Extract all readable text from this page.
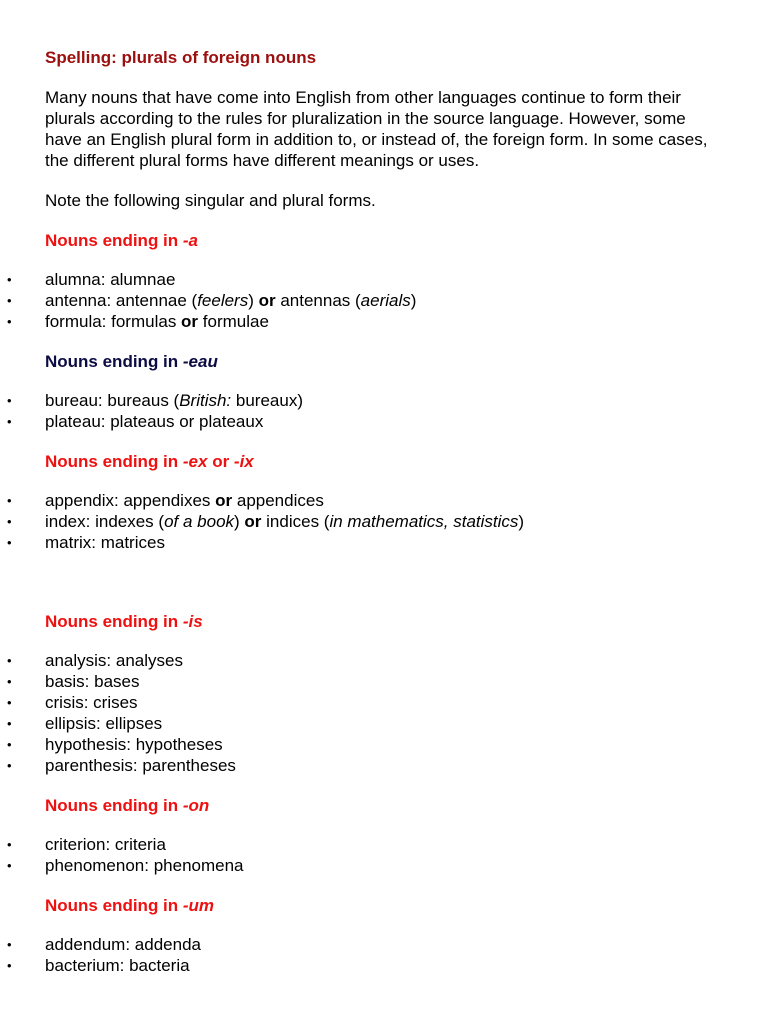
Spelling: plurals of foreign nouns

Many nouns that have come into English from other languages continue to form their plurals according to the rules for pluralization in the source language. However, some have an English plural form in addition to, or instead of, the foreign form. In some cases, the different plural forms have different meanings or uses.

Note the following singular and plural forms.

Nouns ending in -a
• alumna: alumnae
• antenna: antennae (feelers) or antennas (aerials)
• formula: formulas or formulae
Nouns ending in -eau
• bureau: bureaus (British: bureaux)
• plateau: plateaus or plateaux
Nouns ending in -ex or -ix
• appendix: appendixes or appendices
• index: indexes (of a book) or indices (in mathematics, statistics)
• matrix: matrices
Nouns ending in -is
• analysis: analyses
• basis: bases
• crisis: crises
• ellipsis: ellipses
• hypothesis: hypotheses
• parenthesis: parentheses
Nouns ending in -on
• criterion: criteria
• phenomenon: phenomena
Nouns ending in -um
• addendum: addenda
• bacterium: bacteria
